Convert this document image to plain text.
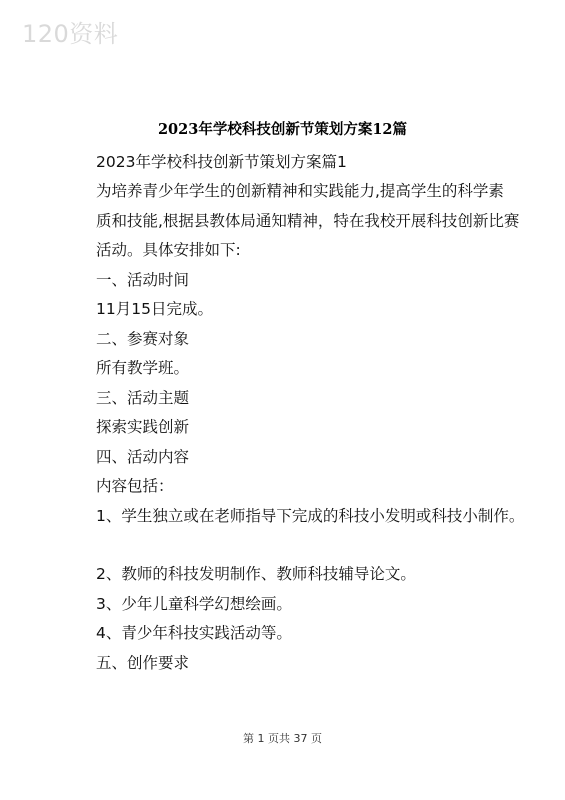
120资料
2023年学校科技创新节策划方案12篇
2023年学校科技创新节策划方案篇1
为培养青少年学生的创新精神和实践能力,提高学生的科学素
质和技能,根据县教体局通知精神，特在我校开展科技创新比赛
活动。具体安排如下:
一、活动时间
11月15日完成。
二、参赛对象
所有教学班。
三、活动主题
探索实践创新
四、活动内容
内容包括：
1、学生独立或在老师指导下完成的科技小发明或科技小制作。
2、教师的科技发明制作、教师科技辅导论文。
3、少年儿童科学幻想绘画。
4、青少年科技实践活动等。
五、创作要求
第 1 页共 37 页
